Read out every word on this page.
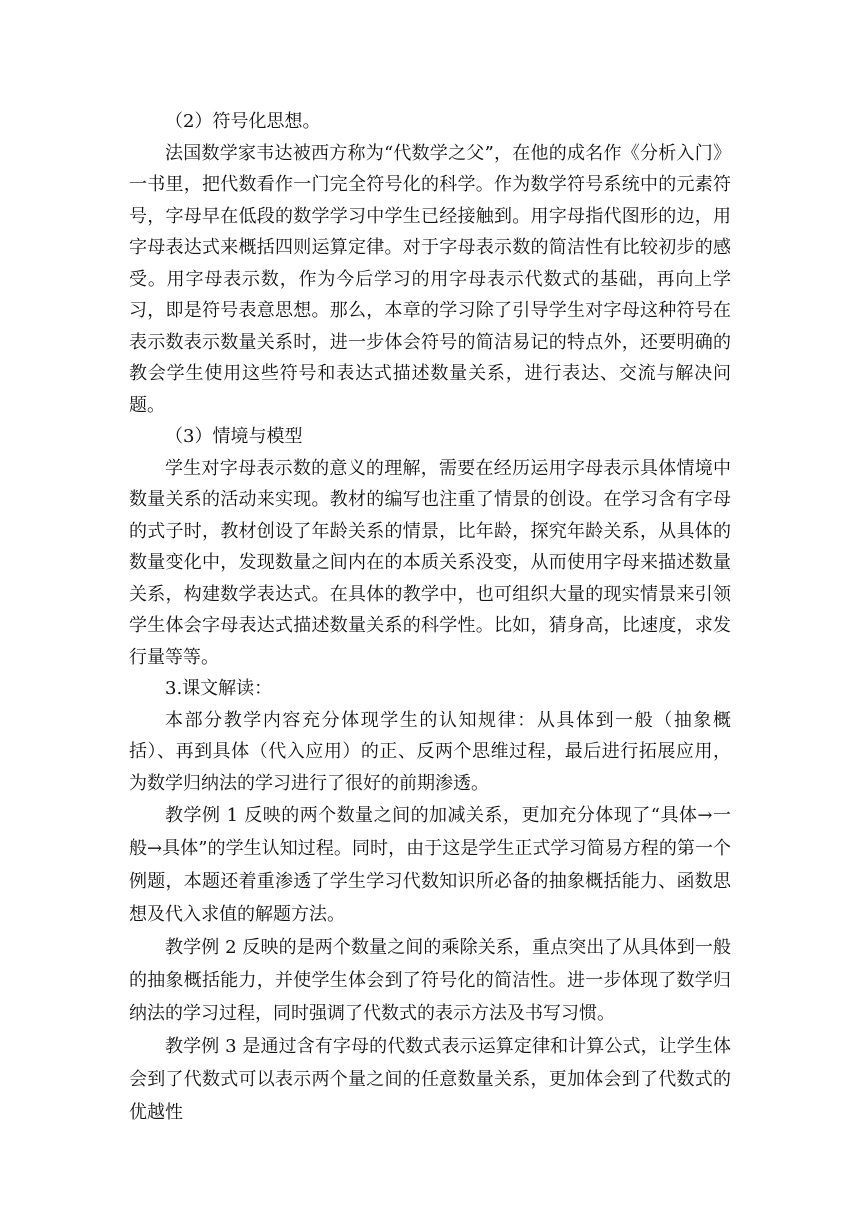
（2）符号化思想。

法国数学家韦达被西方称为“代数学之父”，在他的成名作《分析入门》一书里，把代数看作一门完全符号化的科学。作为数学符号系统中的元素符号，字母早在低段的数学学习中学生已经接触到。用字母指代图形的边，用字母表达式来概括四则运算定律。对于字母表示数的简洁性有比较初步的感受。用字母表示数，作为今后学习的用字母表示代数式的基础，再向上学习，即是符号表意思想。那么，本章的学习除了引导学生对字母这种符号在表示数表示数量关系时，进一步体会符号的简洁易记的特点外，还要明确的教会学生使用这些符号和表达式描述数量关系，进行表达、交流与解决问题。

（3）情境与模型

学生对字母表示数的意义的理解，需要在经历运用字母表示具体情境中数量关系的活动来实现。教材的编写也注重了情景的创设。在学习含有字母的式子时，教材创设了年龄关系的情景，比年龄，探究年龄关系，从具体的数量变化中，发现数量之间内在的本质关系没变，从而使用字母来描述数量关系，构建数学表达式。在具体的教学中，也可组织大量的现实情景来引领学生体会字母表达式描述数量关系的科学性。比如，猜身高，比速度，求发行量等等。

3.课文解读：

本部分教学内容充分体现学生的认知规律：从具体到一般（抽象概括）、再到具体（代入应用）的正、反两个思维过程，最后进行拓展应用，为数学归纳法的学习进行了很好的前期渗透。

教学例 1 反映的两个数量之间的加减关系，更加充分体现了“具体→一般→具体”的学生认知过程。同时，由于这是学生正式学习简易方程的第一个例题，本题还着重渗透了学生学习代数知识所必备的抽象概括能力、函数思想及代入求值的解题方法。

教学例 2 反映的是两个数量之间的乘除关系，重点突出了从具体到一般的抽象概括能力，并使学生体会到了符号化的简洁性。进一步体现了数学归纳法的学习过程，同时强调了代数式的表示方法及书写习惯。

教学例 3 是通过含有字母的代数式表示运算定律和计算公式，让学生体会到了代数式可以表示两个量之间的任意数量关系，更加体会到了代数式的优越性
